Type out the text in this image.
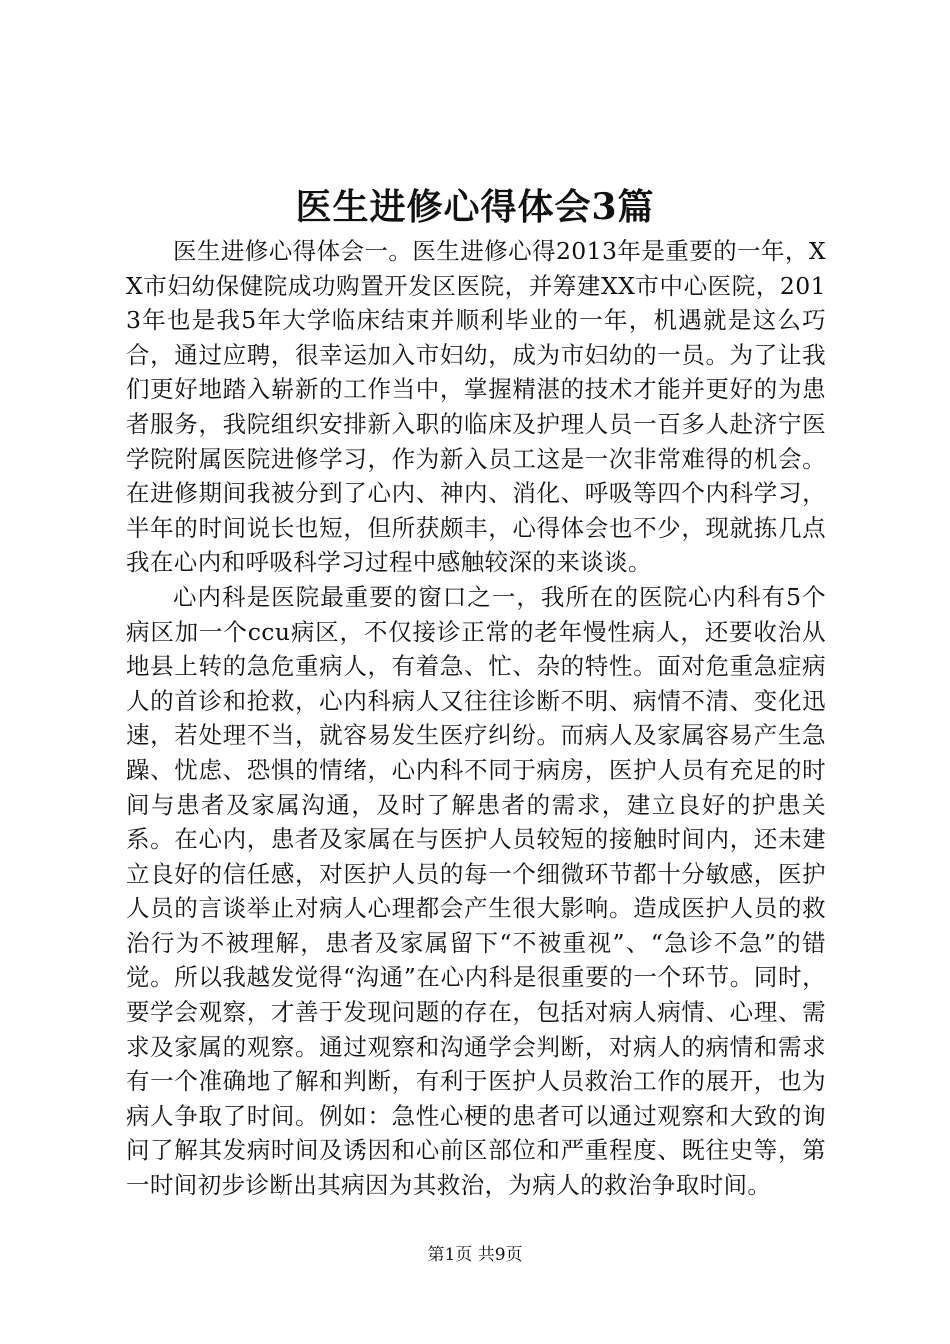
医生进修心得体会3篇

医生进修心得体会一。医生进修心得2013年是重要的一年，XX市妇幼保健院成功购置开发区医院，并筹建XX市中心医院，2013年也是我5年大学临床结束并顺利毕业的一年，机遇就是这么巧合，通过应聘，很幸运加入市妇幼，成为市妇幼的一员。为了让我们更好地踏入崭新的工作当中，掌握精湛的技术才能并更好的为患者服务，我院组织安排新入职的临床及护理人员一百多人赴济宁医学院附属医院进修学习，作为新入员工这是一次非常难得的机会。在进修期间我被分到了心内、神内、消化、呼吸等四个内科学习，半年的时间说长也短，但所获颇丰，心得体会也不少，现就拣几点我在心内和呼吸科学习过程中感触较深的来谈谈。

心内科是医院最重要的窗口之一，我所在的医院心内科有5个病区加一个ccu病区，不仅接诊正常的老年慢性病人，还要收治从地县上转的急危重病人，有着急、忙、杂的特性。面对危重急症病人的首诊和抢救，心内科病人又往往诊断不明、病情不清、变化迅速，若处理不当，就容易发生医疗纠纷。而病人及家属容易产生急躁、忧虑、恐惧的情绪，心内科不同于病房，医护人员有充足的时间与患者及家属沟通，及时了解患者的需求，建立良好的护患关系。在心内，患者及家属在与医护人员较短的接触时间内，还未建立良好的信任感，对医护人员的每一个细微环节都十分敏感，医护人员的言谈举止对病人心理都会产生很大影响。造成医护人员的救治行为不被理解，患者及家属留下“不被重视”、“急诊不急”的错觉。所以我越发觉得“沟通”在心内科是很重要的一个环节。同时，要学会观察，才善于发现问题的存在，包括对病人病情、心理、需求及家属的观察。通过观察和沟通学会判断，对病人的病情和需求有一个准确地了解和判断，有利于医护人员救治工作的展开，也为病人争取了时间。例如：急性心梗的患者可以通过观察和大致的询问了解其发病时间及诱因和心前区部位和严重程度、既往史等，第一时间初步诊断出其病因为其救治，为病人的救治争取时间。

第1页 共9页
